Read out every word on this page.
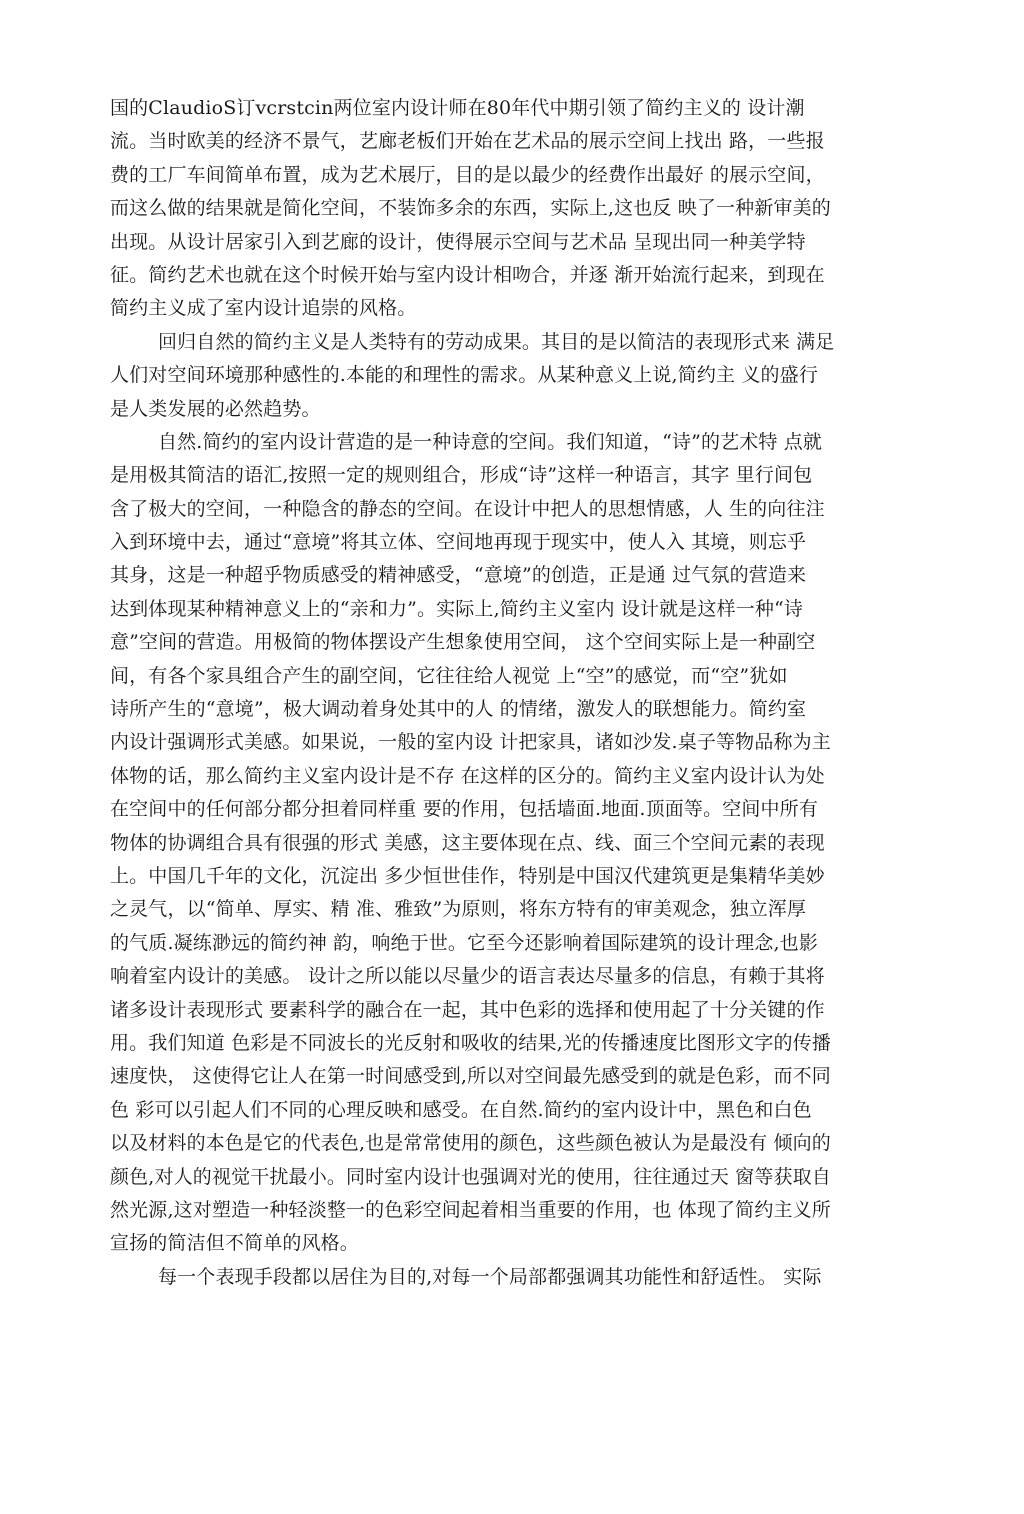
国的ClaudioS订vcrstcin两位室内设计师在80年代中期引领了简约主义的 设计潮
流。当时欧美的经济不景气，艺廊老板们开始在艺术品的展示空间上找出 路，一些报
费的工厂车间简单布置，成为艺术展厅，目的是以最少的经费作出最好 的展示空间，
而这么做的结果就是简化空间，不装饰多余的东西，实际上,这也反 映了一种新审美的
出现。从设计居家引入到艺廊的设计，使得展示空间与艺术品 呈现出同一种美学特
征。简约艺术也就在这个时候开始与室内设计相吻合，并逐 渐开始流行起来，到现在
简约主义成了室内设计追崇的风格。
回归自然的简约主义是人类特有的劳动成果。其目的是以简洁的表现形式来 满足
人们对空间环境那种感性的.本能的和理性的需求。从某种意义上说,简约主 义的盛行
是人类发展的必然趋势。
自然.简约的室内设计营造的是一种诗意的空间。我们知道，“诗”的艺术特 点就
是用极其简洁的语汇,按照一定的规则组合，形成“诗”这样一种语言，其字 里行间包
含了极大的空间，一种隐含的静态的空间。在设计中把人的思想情感，人 生的向往注
入到环境中去，通过“意境”将其立体、空间地再现于现实中，使人入 其境，则忘乎
其身，这是一种超乎物质感受的精神感受，“意境”的创造，正是通 过气氛的营造来
达到体现某种精神意义上的“亲和力”。实际上,简约主义室内 设计就是这样一种“诗
意”空间的营造。用极简的物体摆设产生想象使用空间， 这个空间实际上是一种副空
间，有各个家具组合产生的副空间，它往往给人视觉 上“空”的感觉，而“空”犹如
诗所产生的“意境”，极大调动着身处其中的人 的情绪，激发人的联想能力。简约室
内设计强调形式美感。如果说，一般的室内设 计把家具，诸如沙发.桌子等物品称为主
体物的话，那么简约主义室内设计是不存 在这样的区分的。简约主义室内设计认为处
在空间中的任何部分都分担着同样重 要的作用，包括墙面.地面.顶面等。空间中所有
物体的协调组合具有很强的形式 美感，这主要体现在点、线、面三个空间元素的表现
上。中国几千年的文化，沉淀出 多少恒世佳作，特别是中国汉代建筑更是集精华美妙
之灵气，以“简单、厚实、精 准、雅致”为原则，将东方特有的审美观念，独立浑厚
的气质.凝练渺远的简约神 韵，响绝于世。它至今还影响着国际建筑的设计理念,也影
响着室内设计的美感。 设计之所以能以尽量少的语言表达尽量多的信息，有赖于其将
诸多设计表现形式 要素科学的融合在一起，其中色彩的选择和使用起了十分关键的作
用。我们知道 色彩是不同波长的光反射和吸收的结果,光的传播速度比图形文字的传播
速度快， 这使得它让人在第一时间感受到,所以对空间最先感受到的就是色彩，而不同
色 彩可以引起人们不同的心理反映和感受。在自然.简约的室内设计中，黑色和白色
以及材料的本色是它的代表色,也是常常使用的颜色，这些颜色被认为是最没有 倾向的
颜色,对人的视觉干扰最小。同时室内设计也强调对光的使用，往往通过天 窗等获取自
然光源,这对塑造一种轻淡整一的色彩空间起着相当重要的作用，也 体现了简约主义所
宣扬的简洁但不简单的风格。
每一个表现手段都以居住为目的,对每一个局部都强调其功能性和舒适性。 实际
